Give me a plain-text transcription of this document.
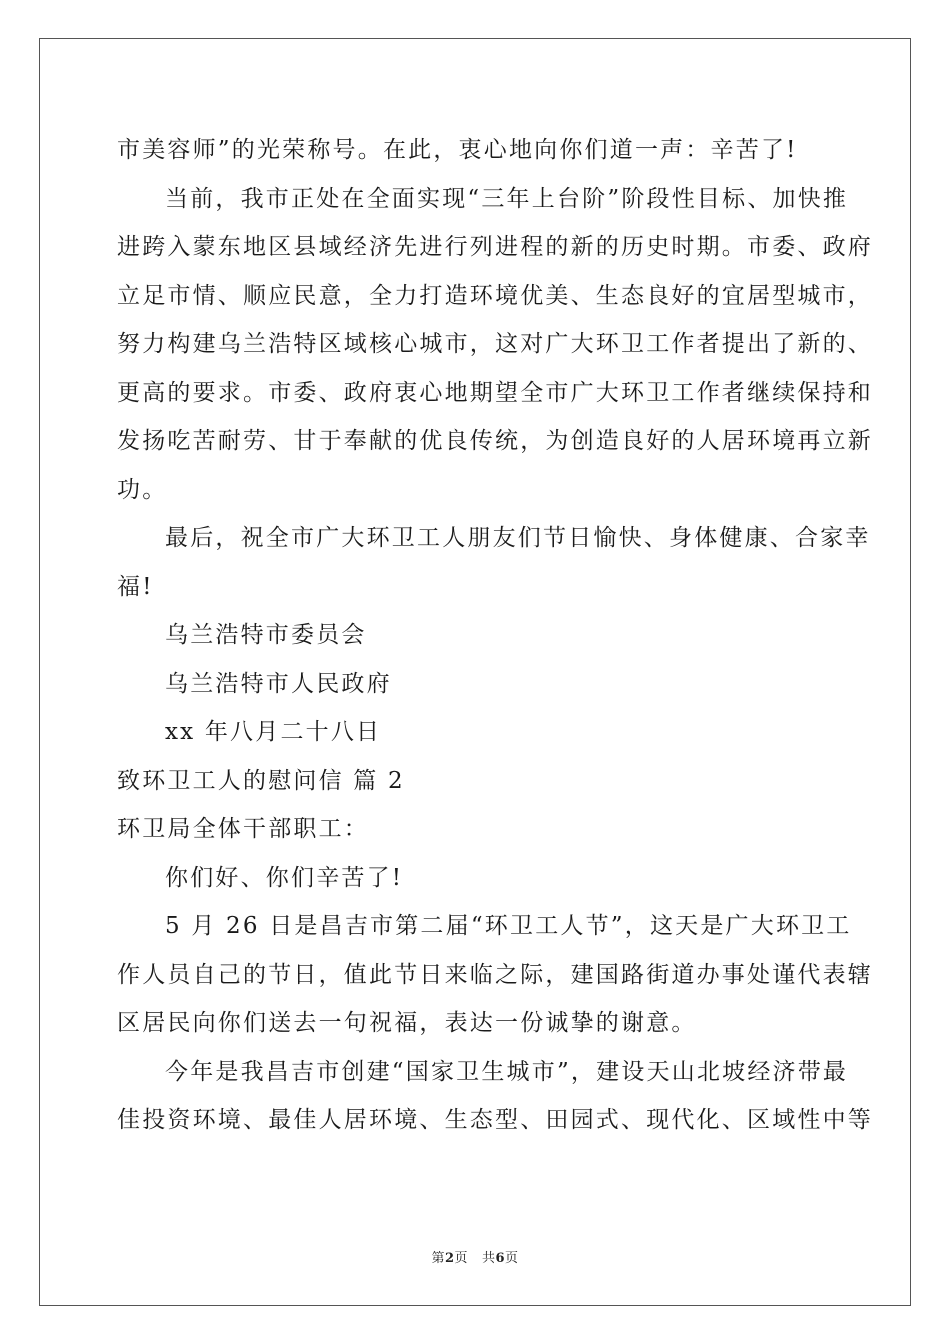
市美容师”的光荣称号。在此，衷心地向你们道一声：辛苦了!
当前，我市正处在全面实现“三年上台阶”阶段性目标、加快推
进跨入蒙东地区县域经济先进行列进程的新的历史时期。市委、政府
立足市情、顺应民意，全力打造环境优美、生态良好的宜居型城市，
努力构建乌兰浩特区域核心城市，这对广大环卫工作者提出了新的、
更高的要求。市委、政府衷心地期望全市广大环卫工作者继续保持和
发扬吃苦耐劳、甘于奉献的优良传统，为创造良好的人居环境再立新
功。
最后，祝全市广大环卫工人朋友们节日愉快、身体健康、合家幸
福!
乌兰浩特市委员会
乌兰浩特市人民政府
xx 年八月二十八日
致环卫工人的慰问信 篇 2
环卫局全体干部职工：
你们好、你们辛苦了!
5 月 26 日是昌吉市第二届“环卫工人节”，这天是广大环卫工
作人员自己的节日，值此节日来临之际，建国路街道办事处谨代表辖
区居民向你们送去一句祝福，表达一份诚挚的谢意。
今年是我昌吉市创建“国家卫生城市”，建设天山北坡经济带最
佳投资环境、最佳人居环境、生态型、田园式、现代化、区域性中等
第2页 共6页
